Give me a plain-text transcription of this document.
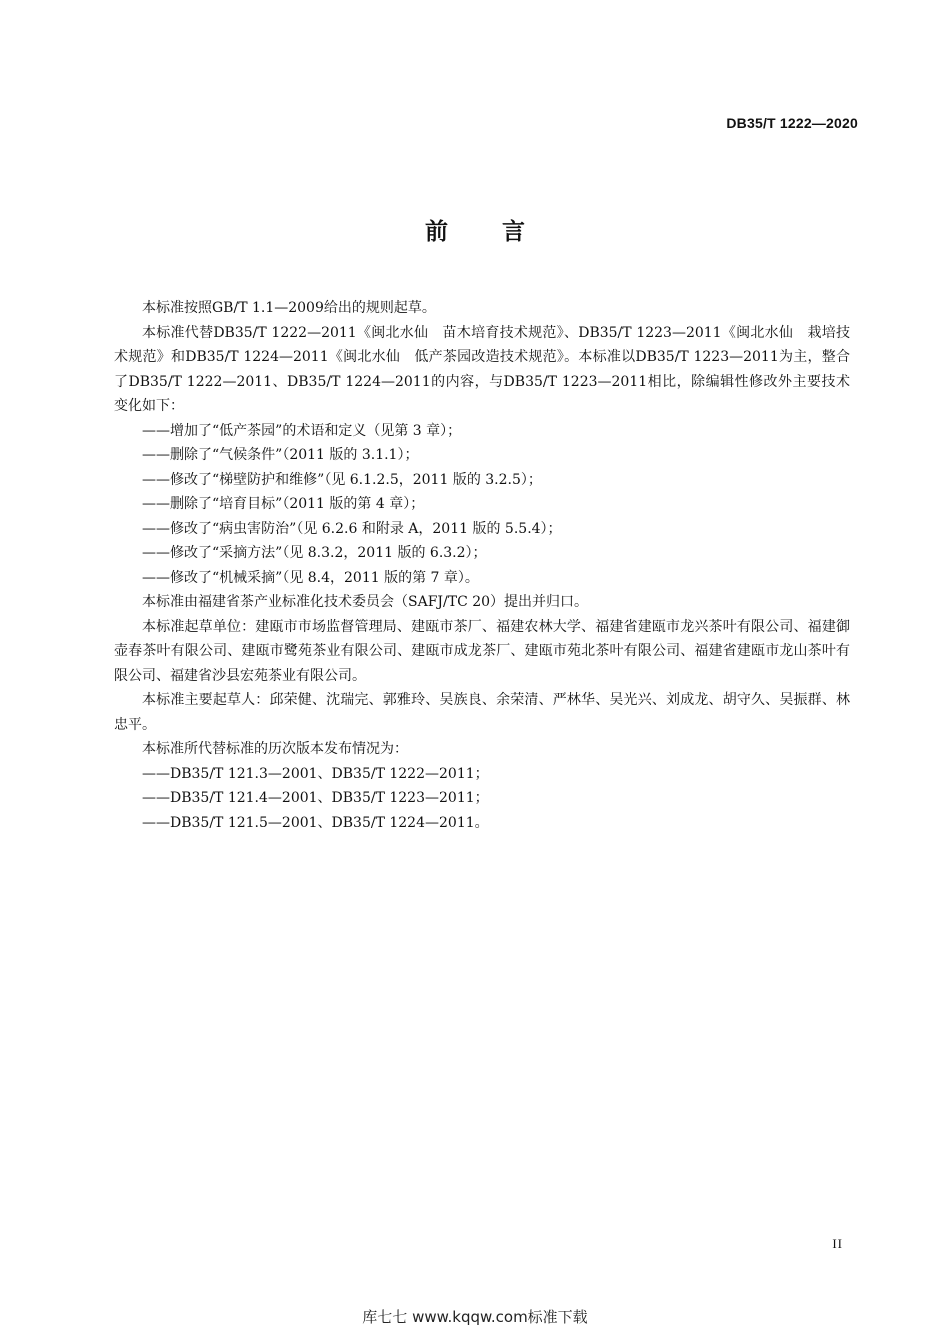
DB35/T 1222—2020
前言

本标准按照GB/T 1.1—2009给出的规则起草。

本标准代替DB35/T 1222—2011《闽北水仙　苗木培育技术规范》、DB35/T 1223—2011《闽北水仙　栽培技术规范》和DB35/T 1224—2011《闽北水仙　低产茶园改造技术规范》。本标准以DB35/T 1223—2011为主，整合了DB35/T 1222—2011、DB35/T 1224—2011的内容，与DB35/T 1223—2011相比，除编辑性修改外主要技术变化如下：

——增加了“低产茶园”的术语和定义（见第 3 章）；

——删除了“气候条件”（2011 版的 3.1.1）；

——修改了“梯壁防护和维修”（见 6.1.2.5，2011 版的 3.2.5）；

——删除了“培育目标”（2011 版的第 4 章）；

——修改了“病虫害防治”（见 6.2.6 和附录 A，2011 版的 5.5.4）；

——修改了“采摘方法”（见 8.3.2，2011 版的 6.3.2）；

——修改了“机械采摘”（见 8.4，2011 版的第 7 章）。

本标准由福建省茶产业标准化技术委员会（SAFJ/TC 20）提出并归口。

本标准起草单位：建瓯市市场监督管理局、建瓯市茶厂、福建农林大学、福建省建瓯市龙兴茶叶有限公司、福建御壶春茶叶有限公司、建瓯市鹭苑茶业有限公司、建瓯市成龙茶厂、建瓯市苑北茶叶有限公司、福建省建瓯市龙山茶叶有限公司、福建省沙县宏苑茶业有限公司。

本标准主要起草人：邱荣健、沈瑞完、郭雅玲、吴族良、余荣清、严林华、吴光兴、刘成龙、胡守久、吴振群、林忠平。

本标准所代替标准的历次版本发布情况为：

——DB35/T 121.3—2001、DB35/T 1222—2011；

——DB35/T 121.4—2001、DB35/T 1223—2011；

——DB35/T 121.5—2001、DB35/T 1224—2011。

II
库七七 www.kqqw.com标准下载
